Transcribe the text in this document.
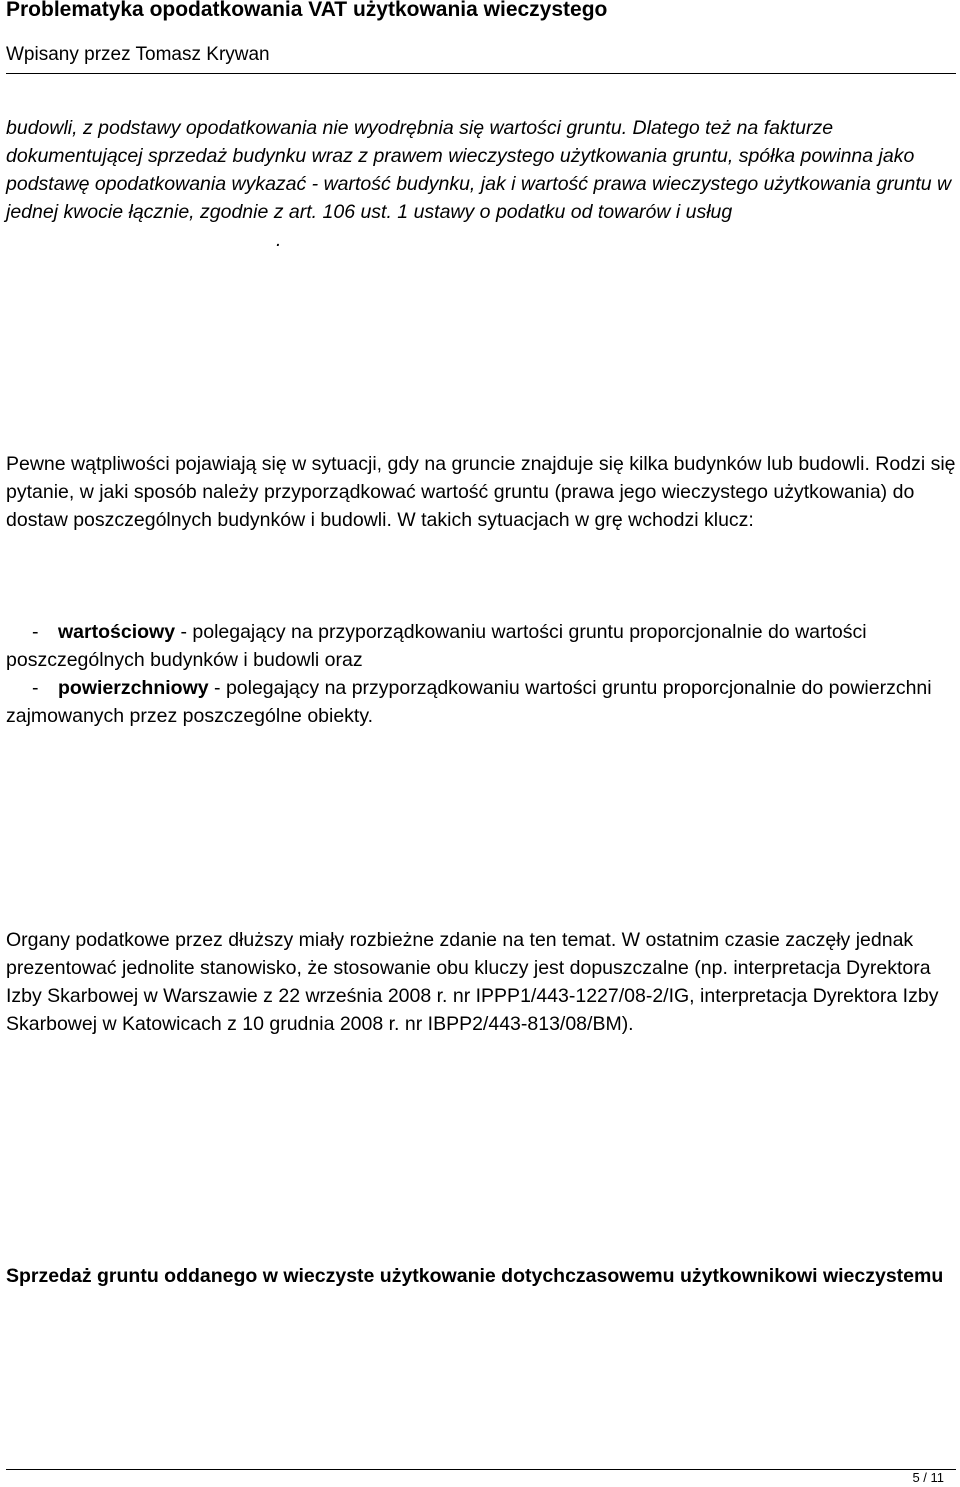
Problematyka opodatkowania VAT użytkowania wieczystego
Wpisany przez Tomasz Krywan

budowli, z podstawy opodatkowania nie wyodrębnia się wartości gruntu. Dlatego też na fakturze dokumentującej sprzedaż budynku wraz z prawem wieczystego użytkowania gruntu, spółka powinna jako podstawę opodatkowania wykazać - wartość budynku, jak i wartość prawa wieczystego użytkowania gruntu w jednej kwocie łącznie, zgodnie z art. 106 ust. 1 ustawy o podatku od towarów i usług.

Pewne wątpliwości pojawiają się w sytuacji, gdy na gruncie znajduje się kilka budynków lub budowli. Rodzi się pytanie, w jaki sposób należy przyporządkować wartość gruntu (prawa jego wieczystego użytkowania) do dostaw poszczególnych budynków i budowli. W takich sytuacjach w grę wchodzi klucz:

- wartościowy - polegający na przyporządkowaniu wartości gruntu proporcjonalnie do wartości poszczególnych budynków i budowli oraz

- powierzchniowy - polegający na przyporządkowaniu wartości gruntu proporcjonalnie do powierzchni zajmowanych przez poszczególne obiekty.

Organy podatkowe przez dłuższy miały rozbieżne zdanie na ten temat. W ostatnim czasie zaczęły jednak prezentować jednolite stanowisko, że stosowanie obu kluczy jest dopuszczalne (np. interpretacja Dyrektora Izby Skarbowej w Warszawie z 22 września 2008 r. nr IPPP1/443-1227/08-2/IG, interpretacja Dyrektora Izby Skarbowej w Katowicach z 10 grudnia 2008 r. nr IBPP2/443-813/08/BM).

Sprzedaż gruntu oddanego w wieczyste użytkowanie dotychczasowemu użytkownikowi wieczystemu
5 / 11
